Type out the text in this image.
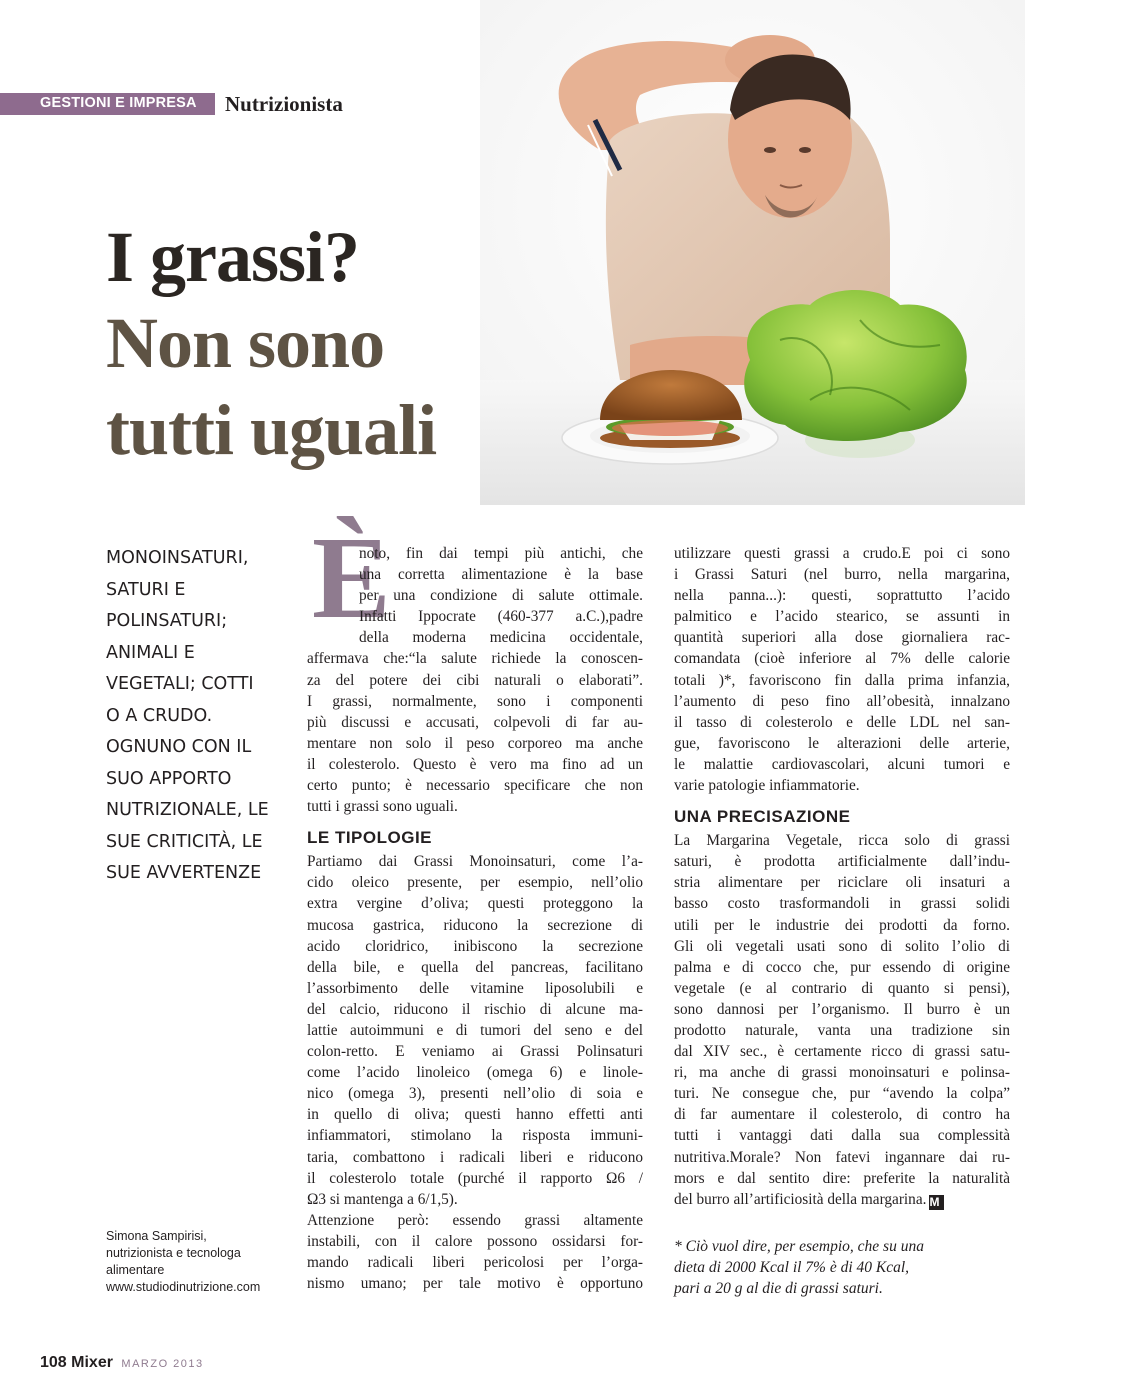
GESTIONI E IMPRESA Nutrizionista
I grassi?
Non sono
tutti uguali
MONOINSATURI,
SATURI E
POLINSATURI;
ANIMALI E
VEGETALI; COTTI
O A CRUDO.
OGNUNO CON IL
SUO APPORTO
NUTRIZIONALE, LE
SUE CRITICITÀ, LE
SUE AVVERTENZE
Simona Sampirisi,
nutrizionista e tecnologa
alimentare
www.studiodinutrizione.com
È
noto, fin dai tempi più antichi, che
una corretta alimentazione è la base
per una condizione di salute ottimale.
Infatti Ippocrate (460-377 a.C.),padre
della moderna medicina occidentale,
affermava che:“la salute richiede la conoscen-
za del potere dei cibi naturali o elaborati”.
I grassi, normalmente, sono i componenti
più discussi e accusati, colpevoli di far au-
mentare non solo il peso corporeo ma anche
il colesterolo. Questo è vero ma fino ad un
certo punto; è necessario specificare che non
tutti i grassi sono uguali.
LE TIPOLOGIE
Partiamo dai Grassi Monoinsaturi, come l’a-
cido oleico presente, per esempio, nell’olio
extra vergine d’oliva; questi proteggono la
mucosa gastrica, riducono la secrezione di
acido cloridrico, inibiscono la secrezione
della bile, e quella del pancreas, facilitano
l’assorbimento delle vitamine liposolubili e
del calcio, riducono il rischio di alcune ma-
lattie autoimmuni e di tumori del seno e del
colon-retto. E veniamo ai Grassi Polinsaturi
come l’acido linoleico (omega 6) e linole-
nico (omega 3), presenti nell’olio di soia e
in quello di oliva; questi hanno effetti anti
infiammatori, stimolano la risposta immuni-
taria, combattono i radicali liberi e riducono
il colesterolo totale (purché il rapporto Ω6 /
Ω3 si mantenga a 6/1,5).
Attenzione però: essendo grassi altamente
instabili, con il calore possono ossidarsi for-
mando radicali liberi pericolosi per l’orga-
nismo umano; per tale motivo è opportuno
utilizzare questi grassi a crudo.E poi ci sono
i Grassi Saturi (nel burro, nella margarina,
nella panna...): questi, soprattutto l’acido
palmitico e l’acido stearico, se assunti in
quantità superiori alla dose giornaliera rac-
comandata (cioè inferiore al 7% delle calorie
totali )*, favoriscono fin dalla prima infanzia,
l’aumento di peso fino all’obesità, innalzano
il tasso di colesterolo e delle LDL nel san-
gue, favoriscono le alterazioni delle arterie,
le malattie cardiovascolari, alcuni tumori e
varie patologie infiammatorie.
UNA PRECISAZIONE
La Margarina Vegetale, ricca solo di grassi
saturi, è prodotta artificialmente dall’indu-
stria alimentare per riciclare oli insaturi a
basso costo trasformandoli in grassi solidi
utili per le industrie dei prodotti da forno.
Gli oli vegetali usati sono di solito l’olio di
palma e di cocco che, pur essendo di origine
vegetale (e al contrario di quanto si pensi),
sono dannosi per l’organismo. Il burro è un
prodotto naturale, vanta una tradizione sin
dal XIV sec., è certamente ricco di grassi satu-
ri, ma anche di grassi monoinsaturi e polinsa-
turi. Ne consegue che, pur “avendo la colpa”
di far aumentare il colesterolo, di contro ha
tutti i vantaggi dati dalla sua complessità
nutritiva.Morale? Non fatevi ingannare dai ru-
mors e dal sentito dire: preferite la naturalità
del burro all’artificiosità della margarina. M
* Ciò vuol dire, per esempio, che su una
dieta di 2000 Kcal il 7% è di 40 Kcal,
pari a 20 g al die di grassi saturi.
108 Mixer MARZO 2013
